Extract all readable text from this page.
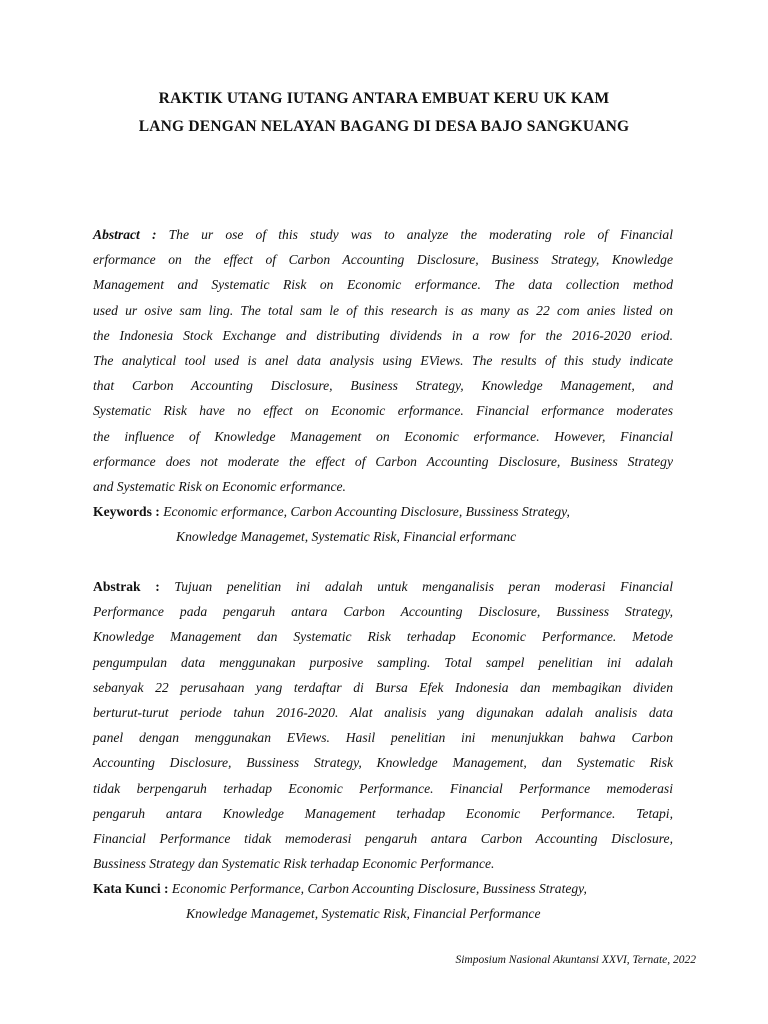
RAKTIK UTANG IUTANG ANTARA EMBUAT KERU UK KAM
LANG DENGAN NELAYAN BAGANG DI DESA BAJO SANGKUANG
Abstract : The ur ose of this study was to analyze the moderating role of Financial
erformance on the effect of Carbon Accounting Disclosure, Business Strategy, Knowledge
Management and Systematic Risk on Economic erformance. The data collection method
used ur osive sam ling. The total sam le of this research is as many as 22 com anies listed on
the Indonesia Stock Exchange and distributing dividends in a row for the 2016-2020 eriod.
The analytical tool used is anel data analysis using EViews. The results of this study indicate
that Carbon Accounting Disclosure, Business Strategy, Knowledge Management, and
Systematic Risk have no effect on Economic erformance. Financial erformance moderates
the influence of Knowledge Management on Economic erformance. However, Financial
erformance does not moderate the effect of Carbon Accounting Disclosure, Business Strategy
and Systematic Risk on Economic erformance.
Keywords : Economic erformance, Carbon Accounting Disclosure, Bussiness Strategy,
Knowledge Managemet, Systematic Risk, Financial erformanc
Abstrak : Tujuan penelitian ini adalah untuk menganalisis peran moderasi Financial
Performance pada pengaruh antara Carbon Accounting Disclosure, Bussiness Strategy,
Knowledge Management dan Systematic Risk terhadap Economic Performance. Metode
pengumpulan data menggunakan purposive sampling. Total sampel penelitian ini adalah
sebanyak 22 perusahaan yang terdaftar di Bursa Efek Indonesia dan membagikan dividen
berturut-turut periode tahun 2016-2020. Alat analisis yang digunakan adalah analisis data
panel dengan menggunakan EViews. Hasil penelitian ini menunjukkan bahwa Carbon
Accounting Disclosure, Bussiness Strategy, Knowledge Management, dan Systematic Risk
tidak berpengaruh terhadap Economic Performance. Financial Performance memoderasi
pengaruh antara Knowledge Management terhadap Economic Performance. Tetapi,
Financial Performance tidak memoderasi pengaruh antara Carbon Accounting Disclosure,
Bussiness Strategy dan Systematic Risk terhadap Economic Performance.
Kata Kunci : Economic Performance, Carbon Accounting Disclosure, Bussiness Strategy,
Knowledge Managemet, Systematic Risk, Financial Performance
Simposium Nasional Akuntansi XXVI, Ternate, 2022
